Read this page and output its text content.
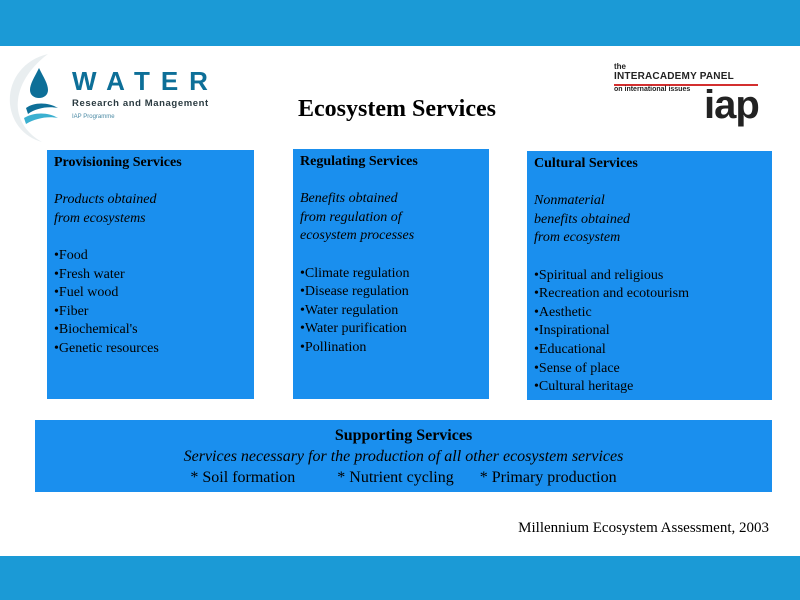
WATER
Research and Management
IAP Programme
the
INTERACADEMY PANEL
on international issues iap
Ecosystem Services
Provisioning Services
Products obtained
from ecosystems
• Food
• Fresh water
• Fuel wood
• Fiber
• Biochemical's
• Genetic resources
Regulating Services
Benefits obtained
from regulation of
ecosystem processes
• Climate regulation
• Disease regulation
• Water regulation
• Water purification
• Pollination
Cultural Services
Nonmaterial
benefits obtained
from ecosystem
• Spiritual and religious
• Recreation and ecotourism
• Aesthetic
• Inspirational
• Educational
• Sense of place
• Cultural heritage
Supporting Services
Services necessary for the production of all other ecosystem services
* Soil formation	* Nutrient cycling * Primary production
Millennium Ecosystem Assessment, 2003
